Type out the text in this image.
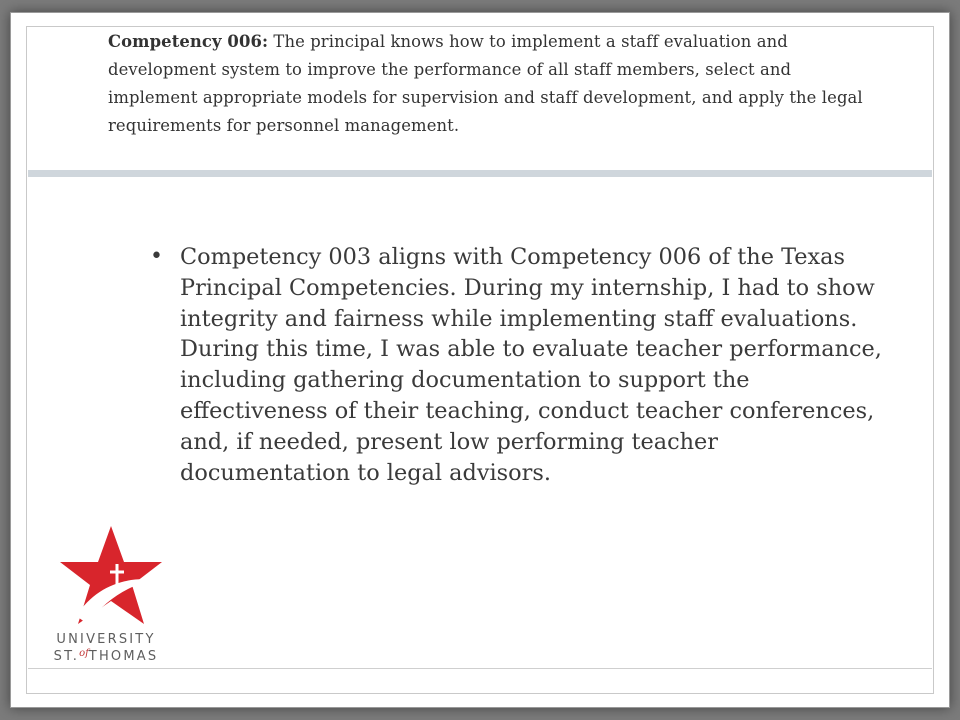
Competency 006: The principal knows how to implement a staff evaluation and development system to improve the performance of all staff members, select and implement appropriate models for supervision and staff development, and apply the legal requirements for personnel management.
• Competency 003 aligns with Competency 006 of the Texas Principal Competencies. During my internship, I had to show integrity and fairness while implementing staff evaluations. During this time, I was able to evaluate teacher performance, including gathering documentation to support the effectiveness of their teaching, conduct teacher conferences, and, if needed, present low performing teacher documentation to legal advisors.
UNIVERSITY
ST.$^{of}$THOMAS
